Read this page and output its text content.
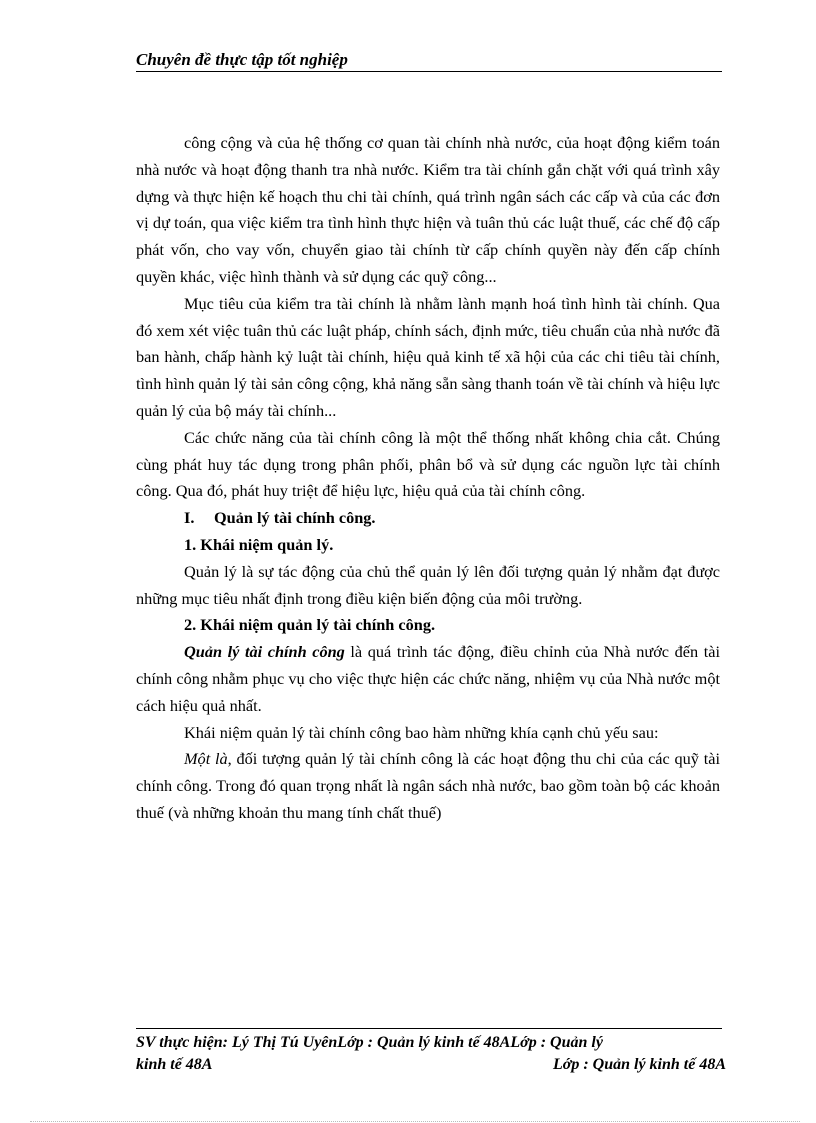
Chuyên đề thực tập tốt nghiệp

công cộng và của hệ thống cơ quan tài chính nhà nước, của hoạt động kiểm toán nhà nước và hoạt động thanh tra nhà nước. Kiểm tra tài chính gắn chặt với quá trình xây dựng và thực hiện kế hoạch thu chi tài chính, quá trình ngân sách các cấp và của các đơn vị dự toán, qua việc kiểm tra tình hình thực hiện và tuân thủ các luật thuế, các chế độ cấp phát vốn, cho vay vốn, chuyển giao tài chính từ cấp chính quyền này đến cấp chính quyền khác, việc hình thành và sử dụng các quỹ công...

Mục tiêu của kiểm tra tài chính là nhằm lành mạnh hoá tình hình tài chính. Qua đó xem xét việc tuân thủ các luật pháp, chính sách, định mức, tiêu chuẩn của nhà nước đã ban hành, chấp hành kỷ luật tài chính, hiệu quả kinh tế xã hội của các chi tiêu tài chính, tình hình quản lý tài sản công cộng, khả năng sẵn sàng thanh toán về tài chính và hiệu lực quản lý của bộ máy tài chính...

Các chức năng của tài chính công là một thể thống nhất không chia cắt. Chúng cùng phát huy tác dụng trong phân phối, phân bổ và sử dụng các nguồn lực tài chính công. Qua đó, phát huy triệt để hiệu lực, hiệu quả của tài chính công.

I. Quản lý tài chính công.

1. Khái niệm quản lý.

Quản lý là sự tác động của chủ thể quản lý lên đối tượng quản lý nhằm đạt được những mục tiêu nhất định trong điều kiện biến động của môi trường.

2. Khái niệm quản lý tài chính công.

Quản lý tài chính công là quá trình tác động, điều chỉnh của Nhà nước đến tài chính công nhằm phục vụ cho việc thực hiện các chức năng, nhiệm vụ của Nhà nước một cách hiệu quả nhất.

Khái niệm quản lý tài chính công bao hàm những khía cạnh chủ yếu sau:

Một là, đối tượng quản lý tài chính công là các hoạt động thu chi của các quỹ tài chính công. Trong đó quan trọng nhất là ngân sách nhà nước, bao gồm toàn bộ các khoản thuế (và những khoản thu mang tính chất thuế)

SV thực hiện: Lý Thị Tú UyênLớp : Quản lý kinh tế 48ALớp : Quản lý
kinh tế 48A	Lớp : Quản lý kinh tế 48A
